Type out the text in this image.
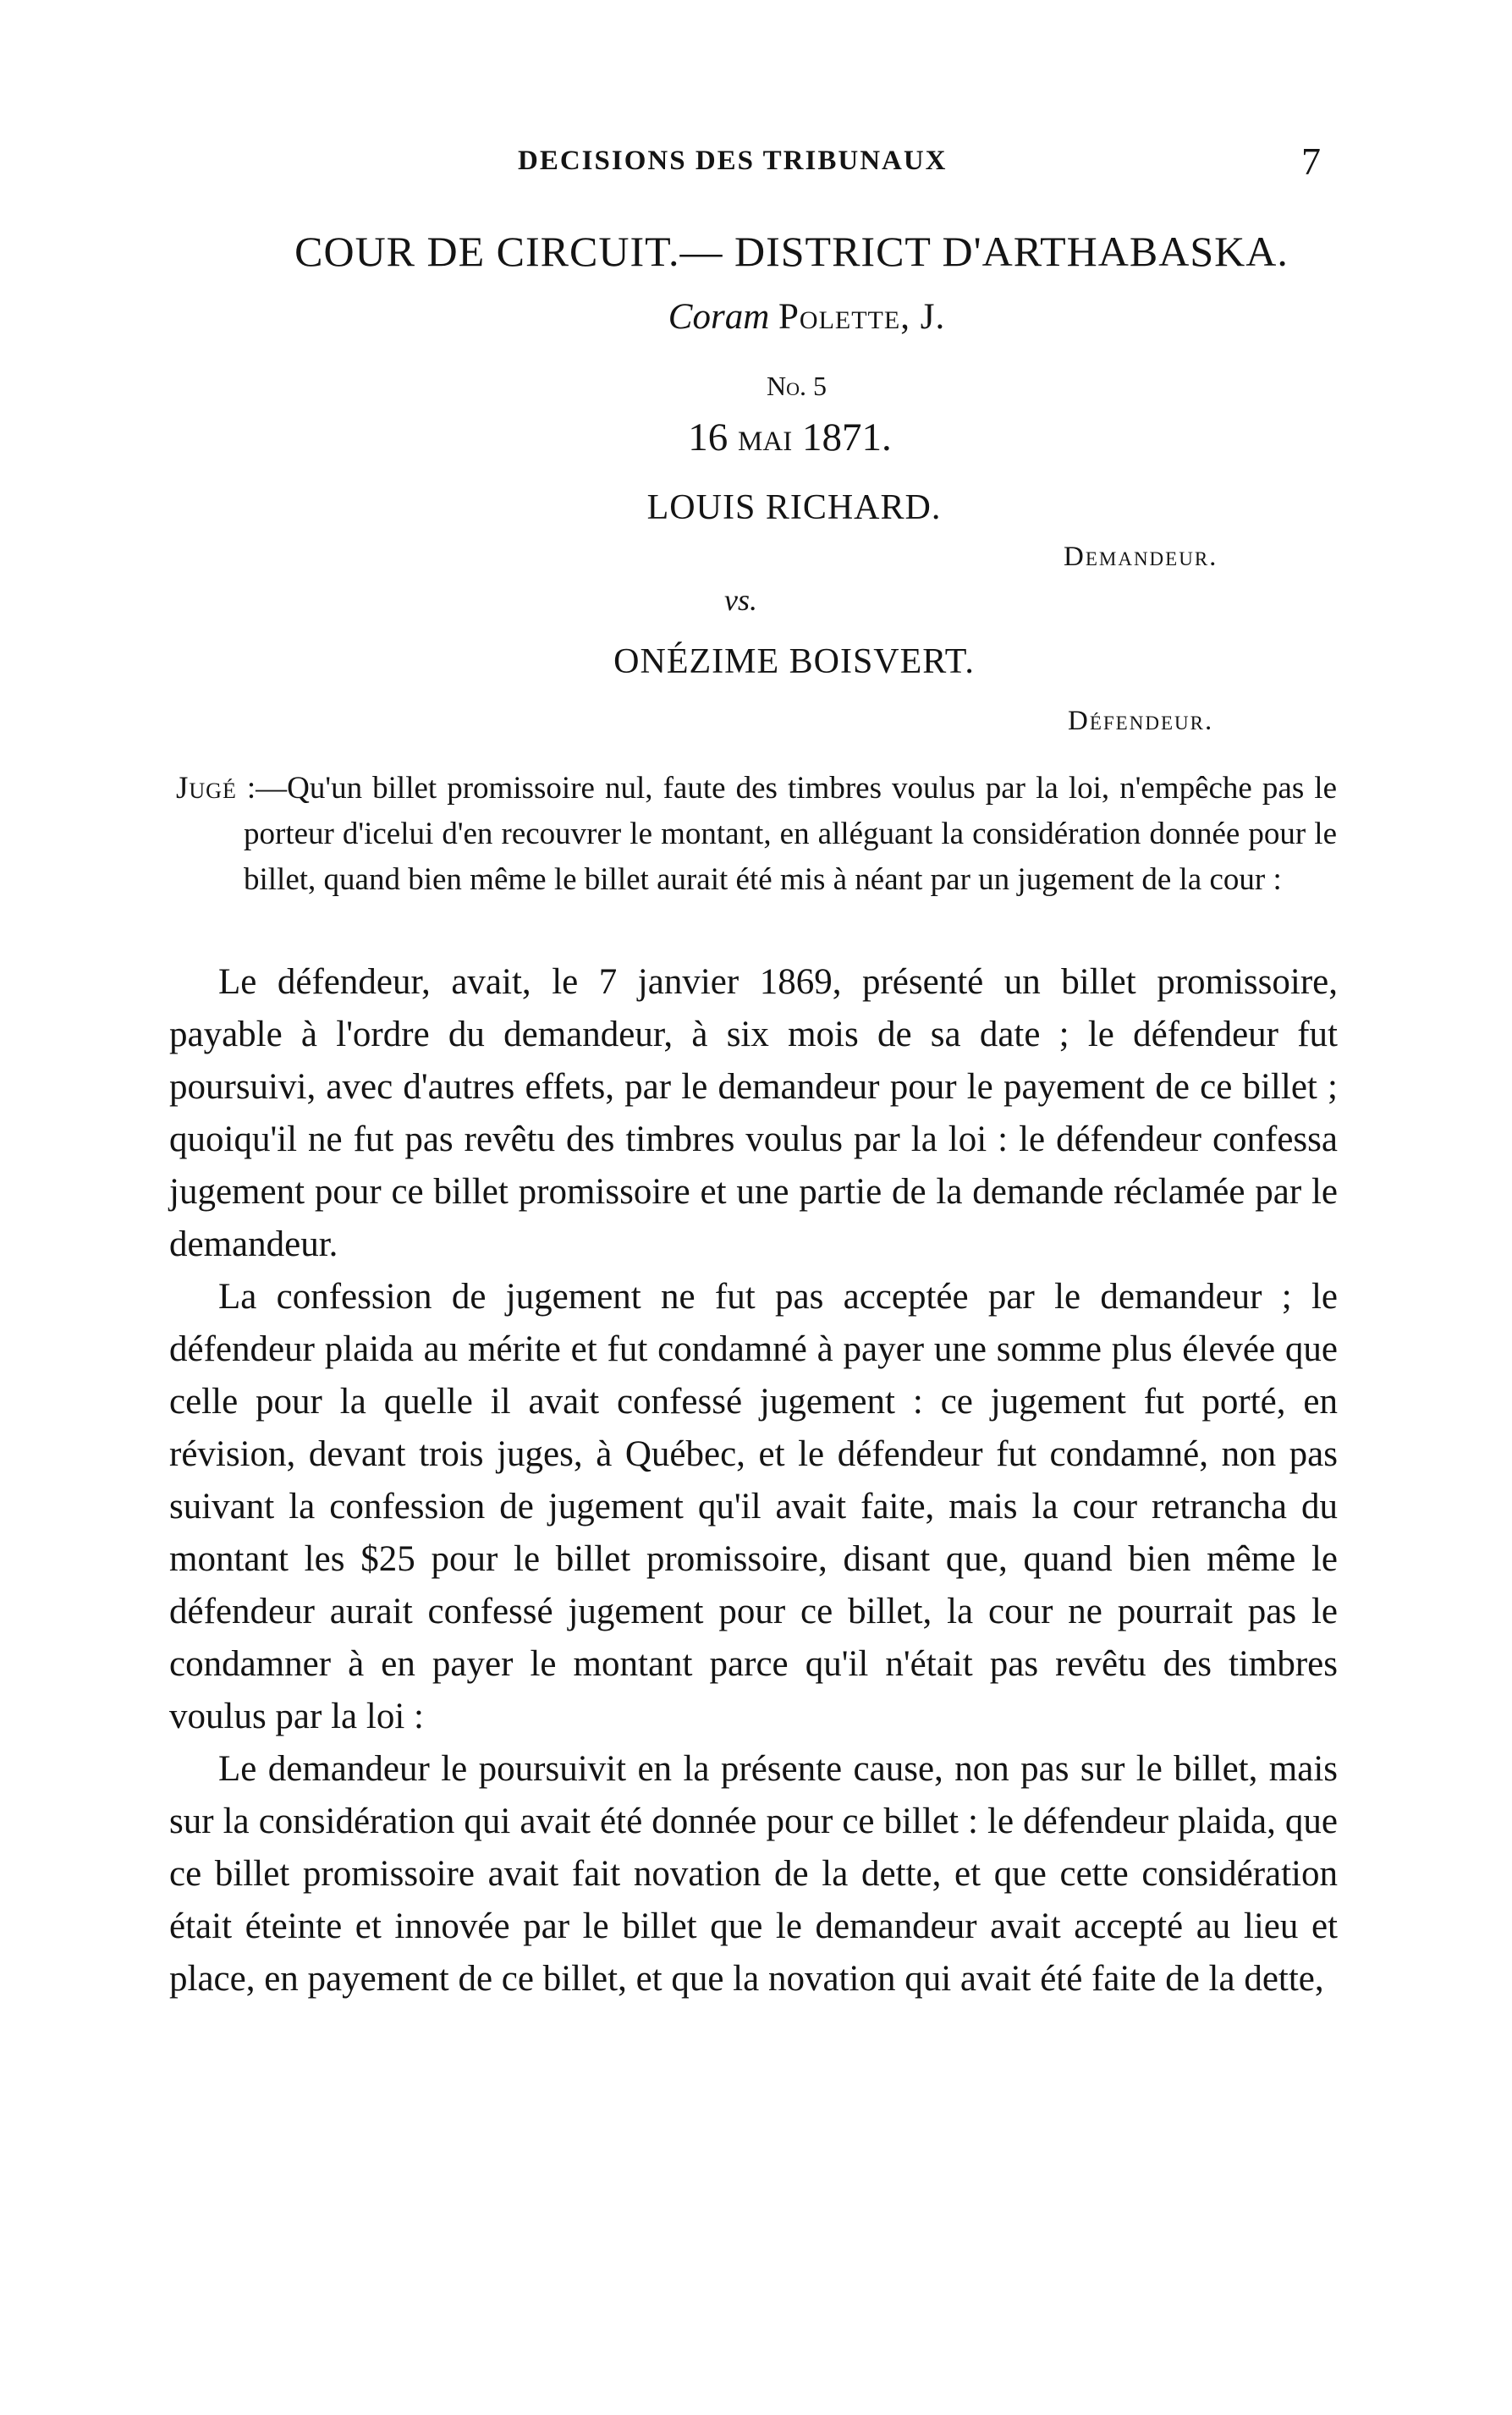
DECISIONS DES TRIBUNAUX	7
COUR DE CIRCUIT.— DISTRICT D'ARTHABASKA.
Coram Polette, J.
No. 5
16 mai 1871.
LOUIS RICHARD.
Demandeur.
vs.
ONÉZIME BOISVERT.
Défendeur.
Jugé :—Qu'un billet promissoire nul, faute des timbres voulus par la loi, n'empêche pas le porteur d'icelui d'en recouvrer le montant, en alléguant la considération donnée pour le billet, quand bien même le billet aurait été mis à néant par un jugement de la cour :

Le défendeur, avait, le 7 janvier 1869, présenté un billet promissoire, payable à l'ordre du demandeur, à six mois de sa date ; le défendeur fut poursuivi, avec d'autres effets, par le demandeur pour le payement de ce billet ; quoiqu'il ne fut pas revêtu des timbres voulus par la loi : le défendeur confessa jugement pour ce billet promissoire et une partie de la demande réclamée par le demandeur.

La confession de jugement ne fut pas acceptée par le demandeur ; le défendeur plaida au mérite et fut condamné à payer une somme plus élevée que celle pour la quelle il avait confessé jugement : ce jugement fut porté, en révision, devant trois juges, à Québec, et le défendeur fut condamné, non pas suivant la confession de jugement qu'il avait faite, mais la cour retrancha du montant les $25 pour le billet promissoire, disant que, quand bien même le défendeur aurait confessé jugement pour ce billet, la cour ne pourrait pas le condamner à en payer le montant parce qu'il n'était pas revêtu des timbres voulus par la loi :

Le demandeur le poursuivit en la présente cause, non pas sur le billet, mais sur la considération qui avait été donnée pour ce billet : le défendeur plaida, que ce billet promissoire avait fait novation de la dette, et que cette considération était éteinte et innovée par le billet que le demandeur avait accepté au lieu et place, en payement de ce billet, et que la novation qui avait été faite de la dette,
